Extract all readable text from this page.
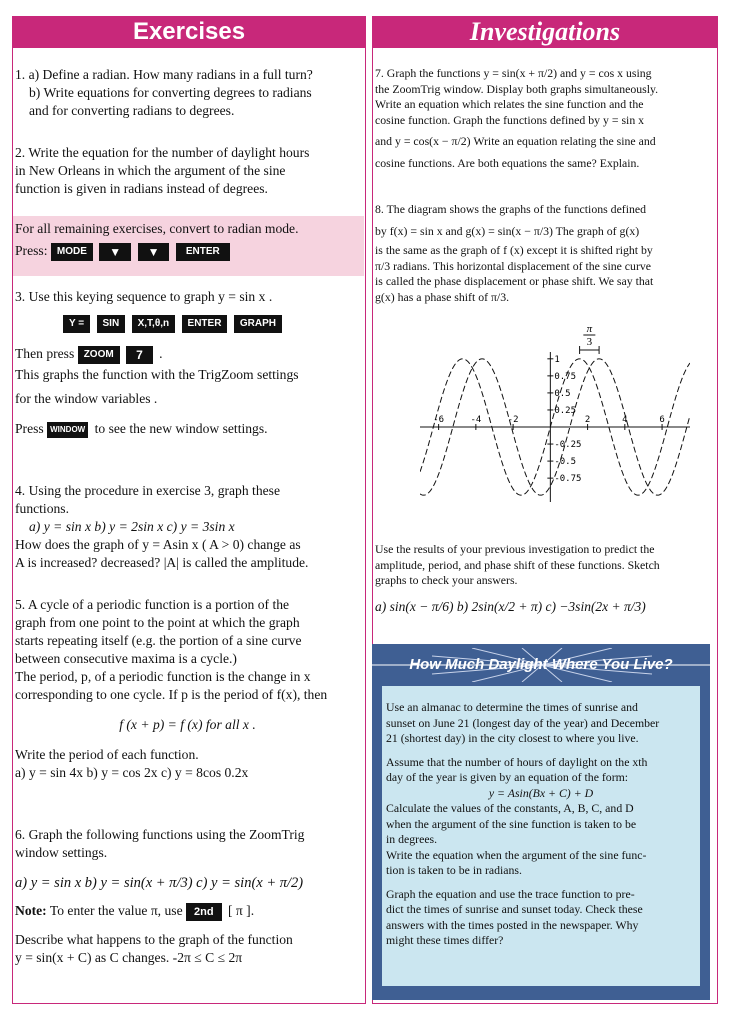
Exercises	Investigations
1. a) Define a radian. How many radians in a full turn?
b) Write equations for converting degrees to radians
and for converting radians to degrees.
2. Write the equation for the number of daylight hours
in New Orleans in which the argument of the sine
function is given in radians instead of degrees.
For all remaining exercises, convert to radian mode.
Press: MODE ▼ ▼	ENTER
3. Use this keying sequence to graph y = sin x .
Y = SIN X,T,θ,n ENTER GRAPH
Then press ZOOM 7 .
This graphs the function with the TrigZoom settings
for the window variables .
Press WINDOW to see the new window settings.
4. Using the procedure in exercise 3, graph these
functions.
a) y = sin x b) y = 2sin x c) y = 3sin x
How does the graph of y = Asin x ( A > 0) change as
A is increased? decreased? |A| is called the amplitude.
5. A cycle of a periodic function is a portion of the
graph from one point to the point at which the graph
starts repeating itself (e.g. the portion of a sine curve
between consecutive maxima is a cycle.)
The period, p, of a periodic function is the change in x
corresponding to one cycle. If p is the period of f(x), then
f (x + p) = f (x) for all x .
Write the period of each function.
a) y = sin 4x b) y = cos 2x c) y = 8cos 0.2x
6. Graph the following functions using the ZoomTrig
window settings.
a) y = sin x b) y = sin(x + π/3) c) y = sin(x + π/2)
Note: To enter the value π, use 2nd [ π ].
Describe what happens to the graph of the function
y = sin(x + C) as C changes. -2π ≤ C ≤ 2π
7. Graph the functions y = sin(x + π/2) and y = cos x using
the ZoomTrig window. Display both graphs simultaneously.
Write an equation which relates the sine function and the
cosine function. Graph the functions defined by y = sin x
and y = cos(x − π/2) Write an equation relating the sine and
cosine functions. Are both equations the same? Explain.
8. The diagram shows the graphs of the functions defined
by f(x) = sin x and g(x) = sin(x − π/3) The graph of g(x)
is the same as the graph of f (x) except it is shifted right by
π/3 radians. This horizontal displacement of the sine curve
is called the phase displacement or phase shift. We say that
g(x) has a phase shift of π/3.
-6	-4	-2	2	4	6
1
0.75
0.5
0.25
-0.25
-0.5
-0.75
π
3
Use the results of your previous investigation to predict the
amplitude, period, and phase shift of these functions. Sketch
graphs to check your answers.
a) sin(x − π/6) b) 2sin(x/2 + π) c) −3sin(2x + π/3)
How Much Daylight Where You Live?
Use an almanac to determine the times of sunrise and
sunset on June 21 (longest day of the year) and December
21 (shortest day) in the city closest to where you live.
Assume that the number of hours of daylight on the xth
day of the year is given by an equation of the form:
y = Asin(Bx + C) + D
Calculate the values of the constants, A, B, C, and D
when the argument of the sine function is taken to be
in degrees.
Write the equation when the argument of the sine func-
tion is taken to be in radians.
Graph the equation and use the trace function to pre-
dict the times of sunrise and sunset today. Check these
answers with the times posted in the newspaper. Why
might these times differ?
